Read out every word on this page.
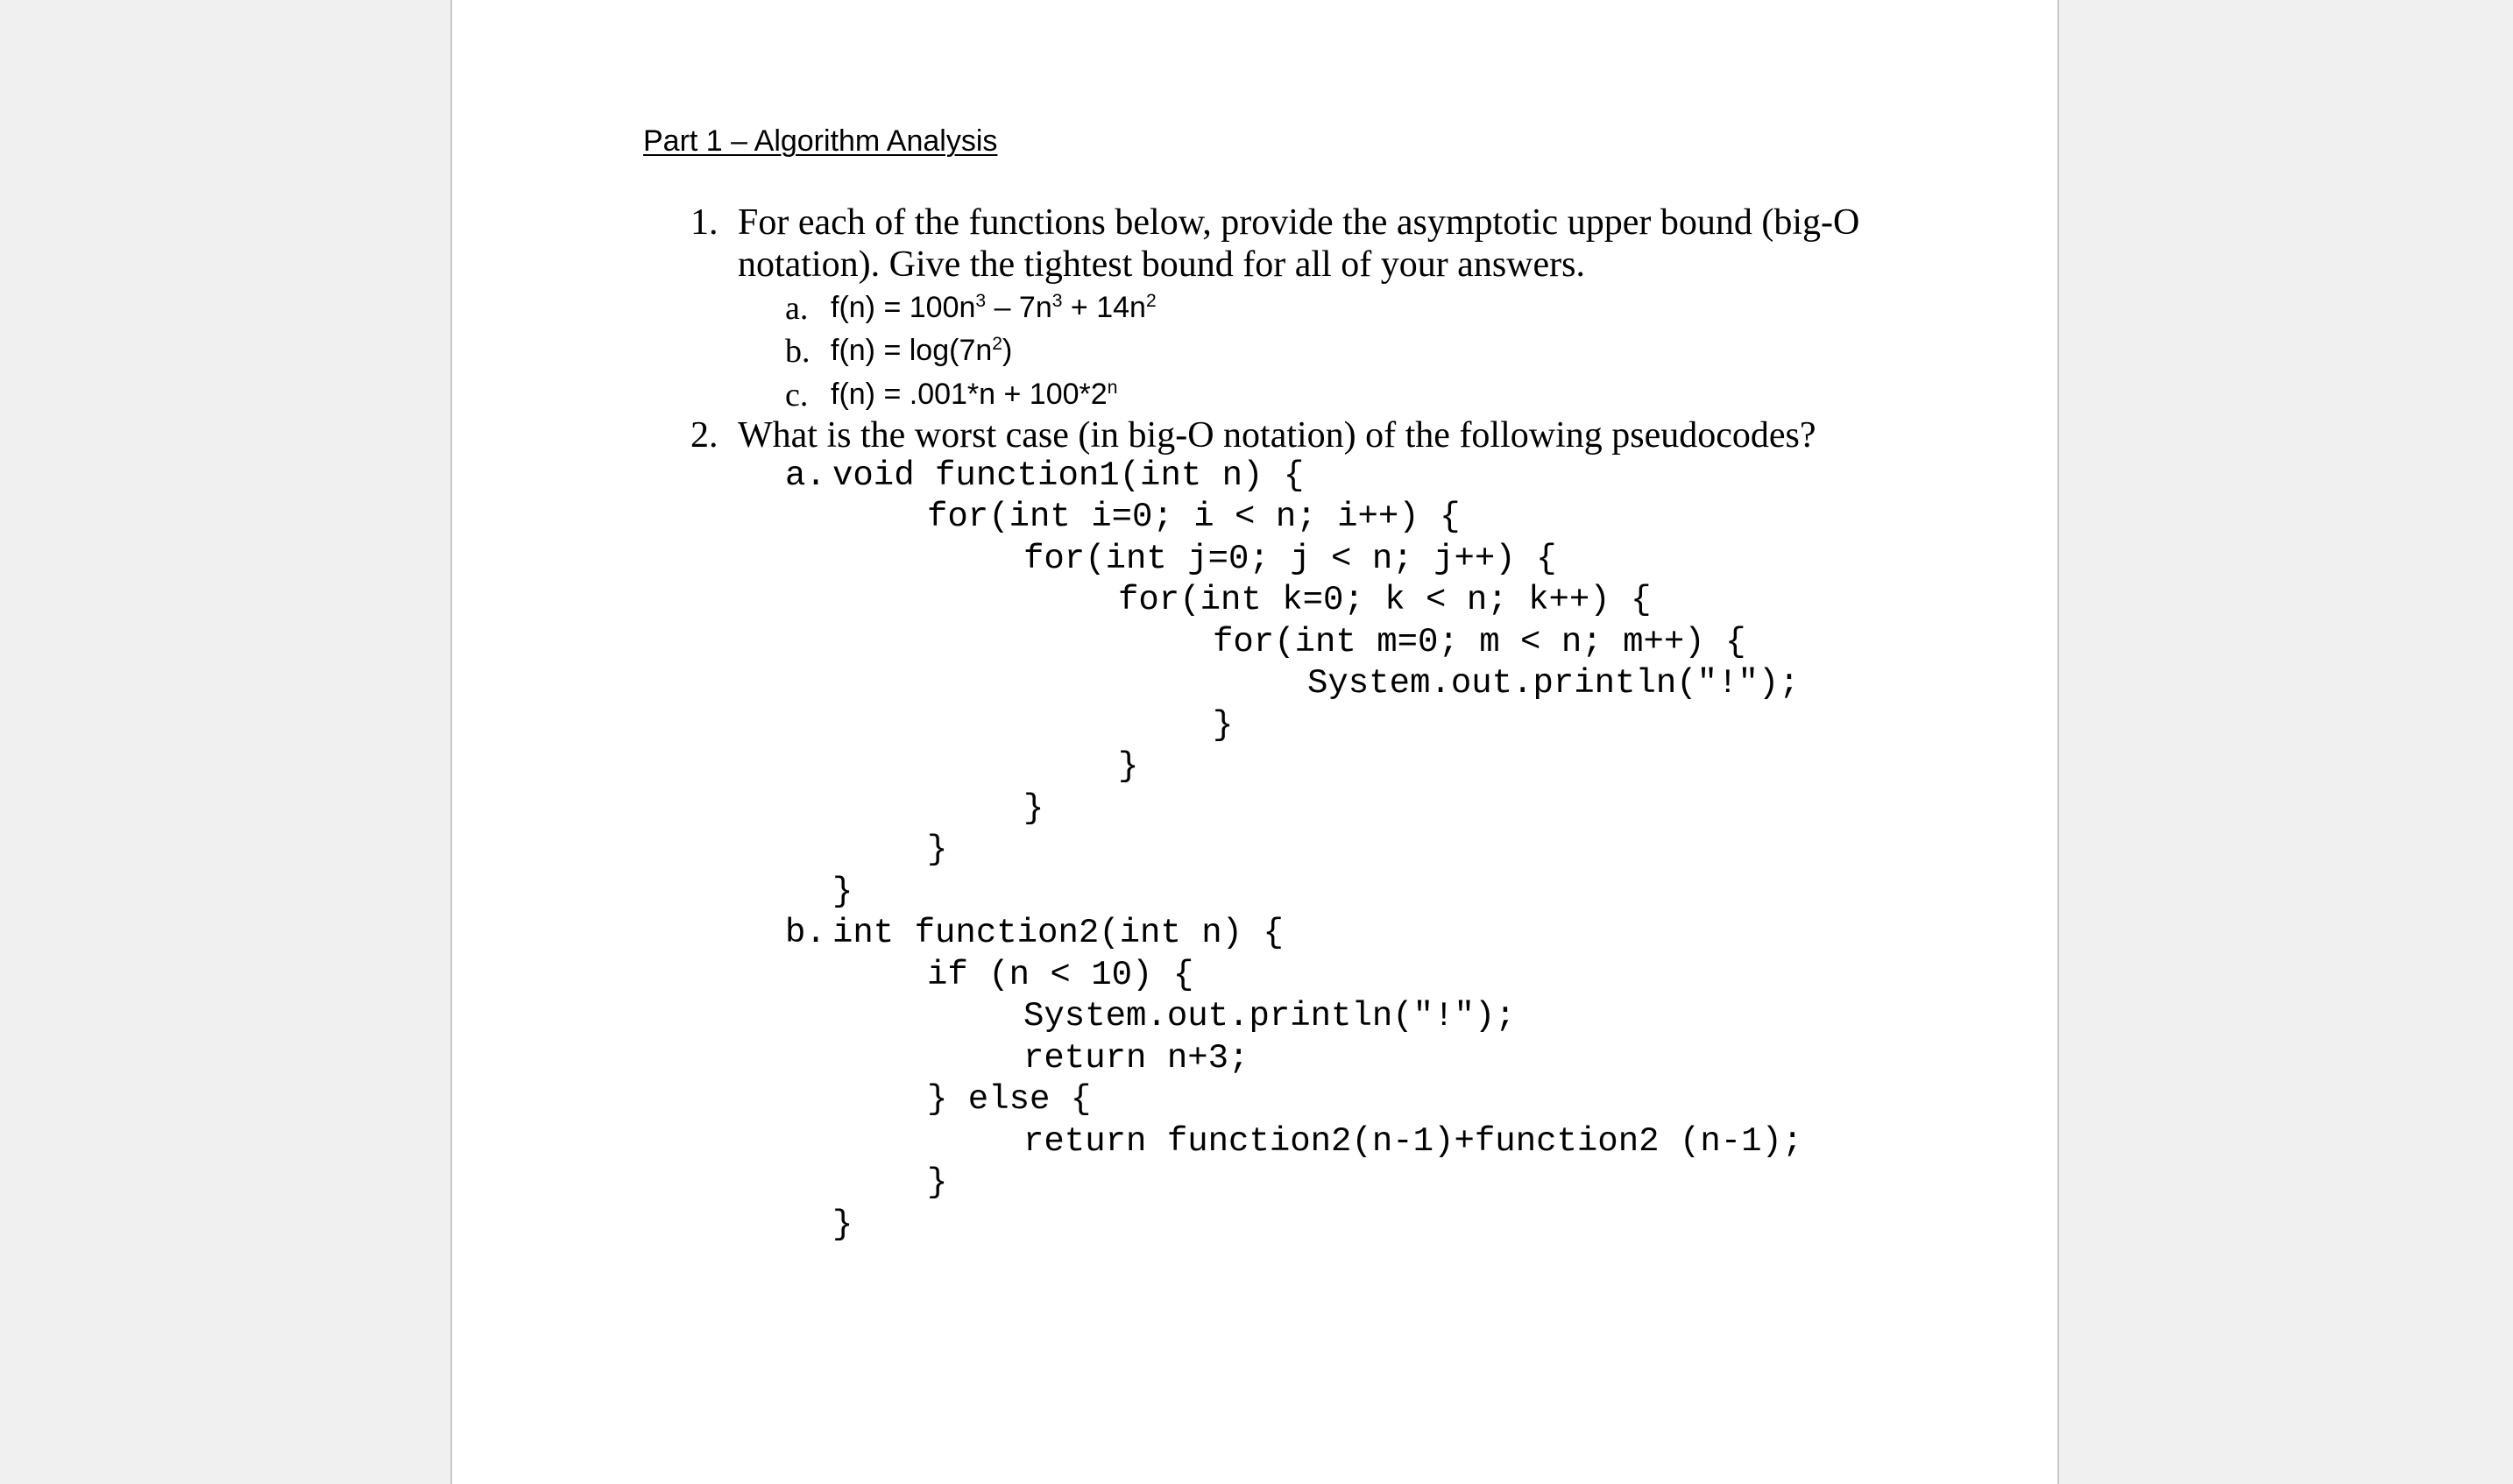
Part 1 – Algorithm Analysis
1. For each of the functions below, provide the asymptotic upper bound (big-O
notation). Give the tightest bound for all of your answers.
a. $f(n) = 100n^3 - 7n^3 + 14n^2$
b. $f(n) = \log(7n^2)$
c. $f(n) = .001*n + 100*2^n$
2. What is the worst case (in big-O notation) of the following pseudocodes?
a. void function1(int n) {
for(int i=0; i < n; i++) {
for(int j=0; j < n; j++) {
for(int k=0; k < n; k++) {
for(int m=0; m < n; m++) {
System.out.println("!");
}
}
}
}
}
b. int function2(int n) {
if (n < 10) {
System.out.println("!");
return n+3;
} else {
return function2(n-1)+function2 (n-1);
}
}
